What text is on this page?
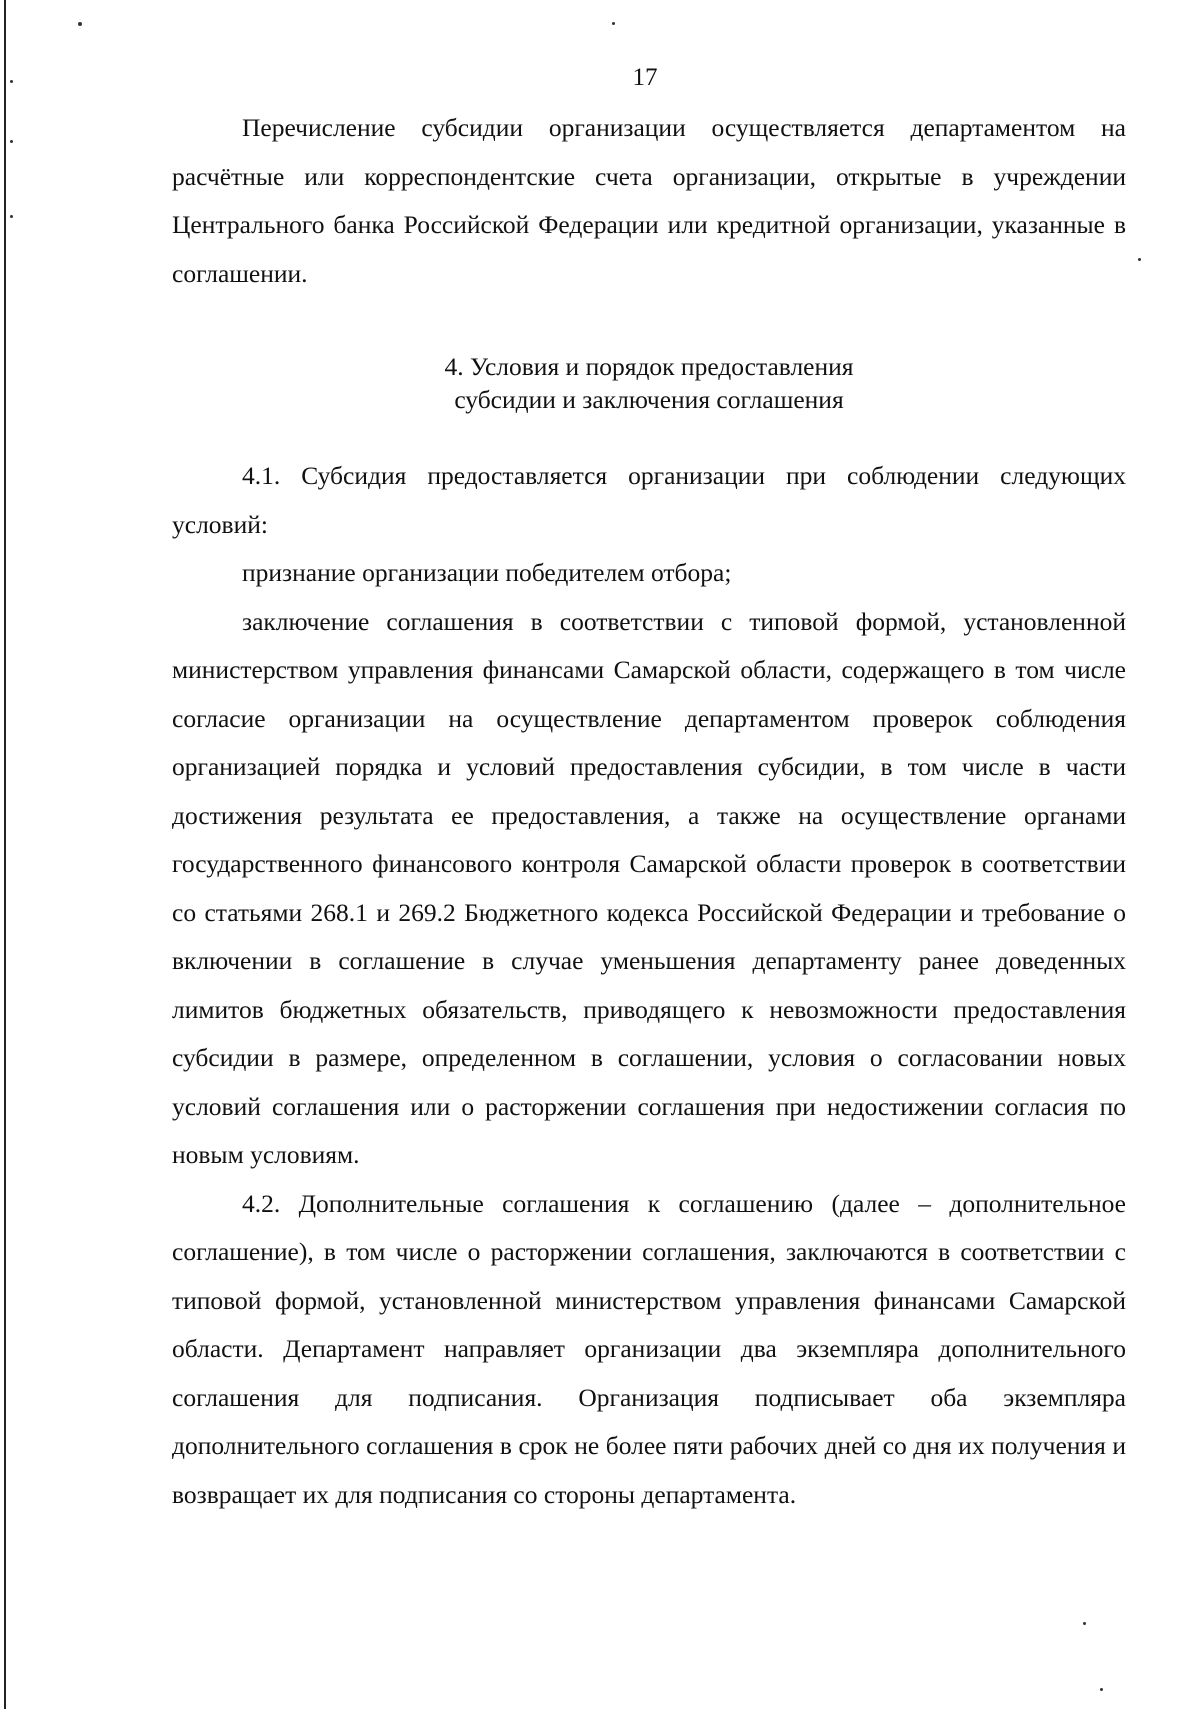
17

Перечисление субсидии организации осуществляется департаментом на расчётные или корреспондентские счета организации, открытые в учреждении Центрального банка Российской Федерации или кредитной организации, указанные в соглашении.

4. Условия и порядок предоставления
субсидии и заключения соглашения

4.1. Субсидия предоставляется организации при соблюдении следующих условий:

признание организации победителем отбора;

заключение соглашения в соответствии с типовой формой, установленной министерством управления финансами Самарской области, содержащего в том числе согласие организации на осуществление департаментом проверок соблюдения организацией порядка и условий предоставления субсидии, в том числе в части достижения результата ее предоставления, а также на осуществление органами государственного финансового контроля Самарской области проверок в соответствии со статьями 268.1 и 269.2 Бюджетного кодекса Российской Федерации и требование о включении в соглашение в случае уменьшения департаменту ранее доведенных лимитов бюджетных обязательств, приводящего к невозможности предоставления субсидии в размере, определенном в соглашении, условия о согласовании новых условий соглашения или о расторжении соглашения при недостижении согласия по новым условиям.

4.2. Дополнительные соглашения к соглашению (далее – дополнительное соглашение), в том числе о расторжении соглашения, заключаются в соответствии с типовой формой, установленной министерством управления финансами Самарской области. Департамент направляет организации два экземпляра дополнительного соглашения для подписания. Организация подписывает оба экземпляра дополнительного соглашения в срок не более пяти рабочих дней со дня их получения и возвращает их для подписания со стороны департамента.
